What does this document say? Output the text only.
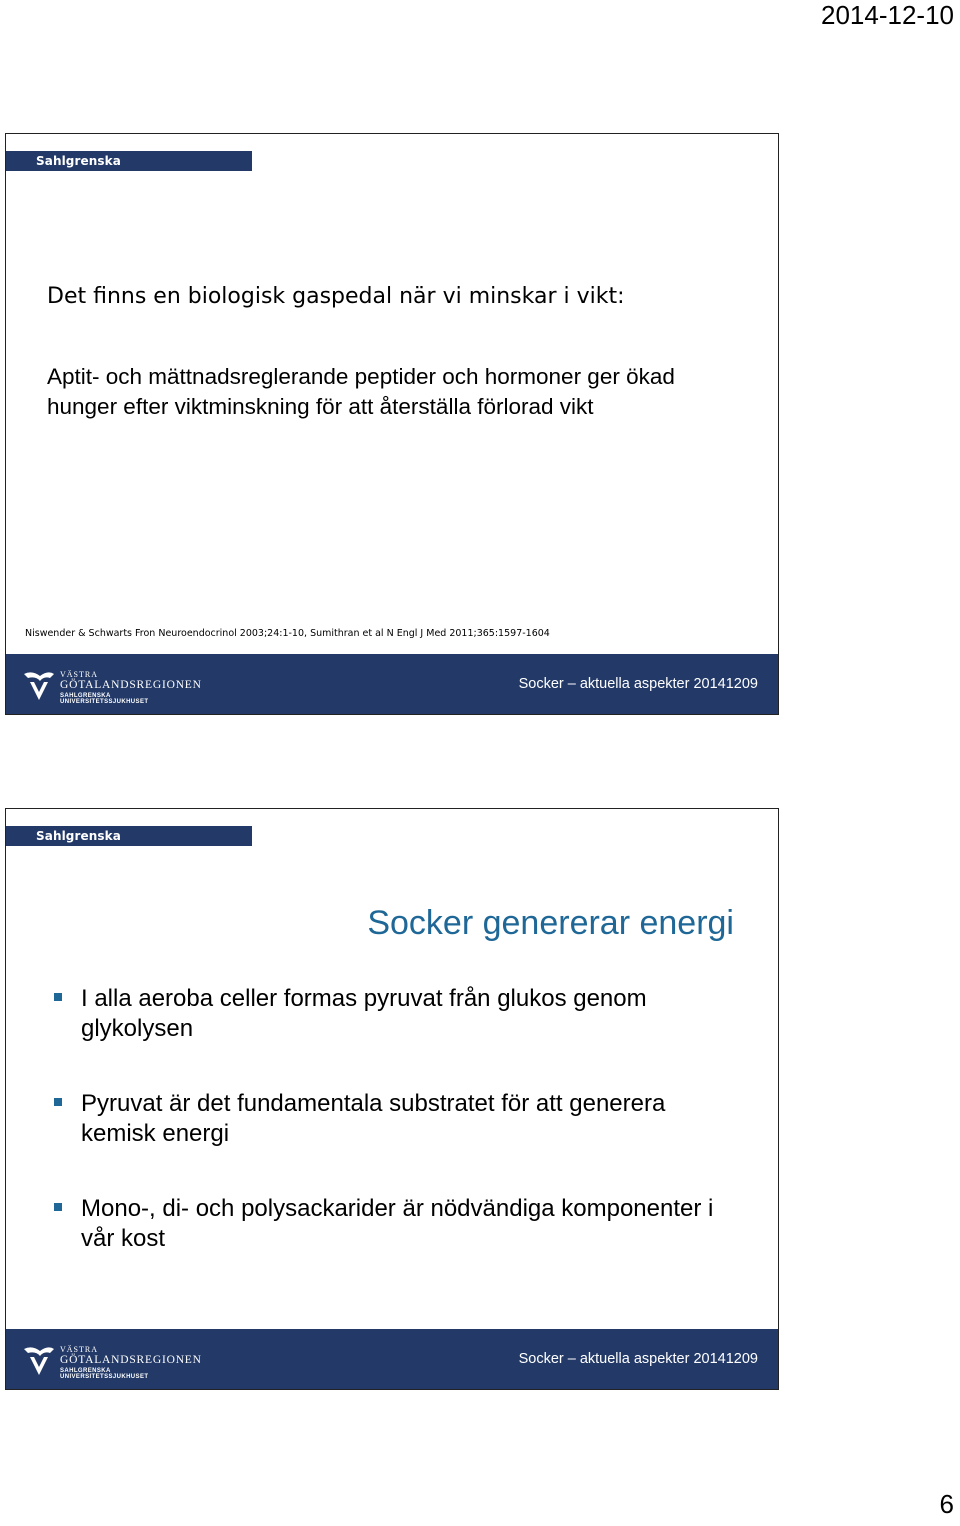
2014-12-10
Sahlgrenska Universitetssjukhuset
Det finns en biologisk gaspedal när vi minskar i vikt:
Aptit- och mättnadsreglerande peptider och hormoner ger ökad hunger efter viktminskning för att återställa förlorad vikt
Niswender & Schwarts Fron Neuroendocrinol 2003;24:1-10, Sumithran et al N Engl J Med 2011;365:1597-1604
VÄSTRA
GÖTALANDSREGIONEN
SAHLGRENSKA UNIVERSITETSSJUKHUSET
Socker – aktuella aspekter 20141209
Sahlgrenska Universitetssjukhuset
Socker genererar energi
I alla aeroba celler formas pyruvat från glukos genom glykolysen
Pyruvat är det fundamentala substratet för att generera kemisk energi
Mono-, di- och polysackarider är nödvändiga komponenter i vår kost
VÄSTRA
GÖTALANDSREGIONEN
SAHLGRENSKA UNIVERSITETSSJUKHUSET
Socker – aktuella aspekter 20141209
6
